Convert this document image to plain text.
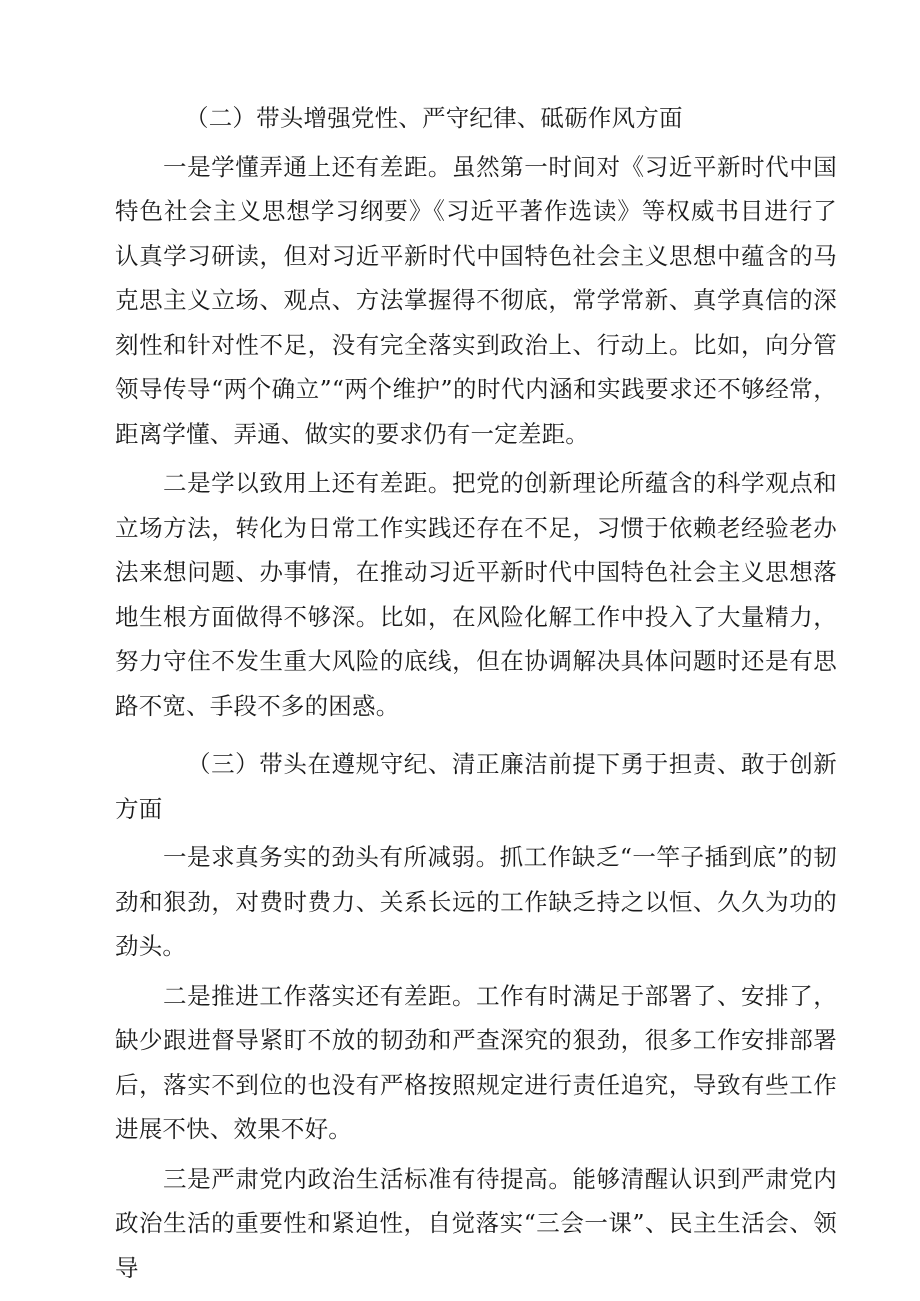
（二）带头增强党性、严守纪律、砥砺作风方面

一是学懂弄通上还有差距。虽然第一时间对《习近平新时代中国特色社会主义思想学习纲要》《习近平著作选读》等权威书目进行了认真学习研读，但对习近平新时代中国特色社会主义思想中蕴含的马克思主义立场、观点、方法掌握得不彻底，常学常新、真学真信的深刻性和针对性不足，没有完全落实到政治上、行动上。比如，向分管领导传导“两个确立”“两个维护”的时代内涵和实践要求还不够经常，距离学懂、弄通、做实的要求仍有一定差距。

二是学以致用上还有差距。把党的创新理论所蕴含的科学观点和立场方法，转化为日常工作实践还存在不足，习惯于依赖老经验老办法来想问题、办事情，在推动习近平新时代中国特色社会主义思想落地生根方面做得不够深。比如，在风险化解工作中投入了大量精力，努力守住不发生重大风险的底线，但在协调解决具体问题时还是有思路不宽、手段不多的困惑。

（三）带头在遵规守纪、清正廉洁前提下勇于担责、敢于创新方面

一是求真务实的劲头有所减弱。抓工作缺乏“一竿子插到底”的韧劲和狠劲，对费时费力、关系长远的工作缺乏持之以恒、久久为功的劲头。

二是推进工作落实还有差距。工作有时满足于部署了、安排了，缺少跟进督导紧盯不放的韧劲和严查深究的狠劲，很多工作安排部署后，落实不到位的也没有严格按照规定进行责任追究，导致有些工作进展不快、效果不好。

三是严肃党内政治生活标准有待提高。能够清醒认识到严肃党内政治生活的重要性和紧迫性，自觉落实“三会一课”、民主生活会、领导
